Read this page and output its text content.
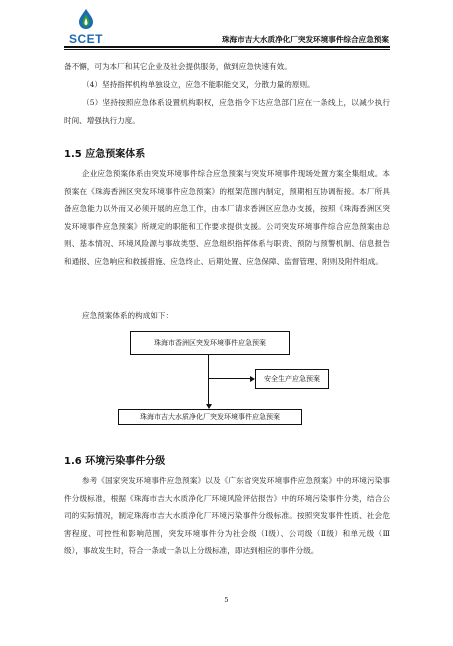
SCET	珠海市吉大水质净化厂突发环境事件综合应急预案
备不懈，可为本厂和其它企业及社会提供服务，做到应急快速有效。
（4）坚持指挥机构单独设立，应急不能职能交叉，分散力量的原则。
（5）坚持按照应急体系设置机构职权，应急指令下达应急部门应在一条线上，以减少执行时间、增强执行力度。
1.5 应急预案体系
企业应急预案体系由突发环境事件综合应急预案与突发环境事件现场处置方案全集组成。本预案在《珠海香洲区突发环境事件应急预案》的框架范围内制定，预期相互协调衔接。本厂所具备应急能力以外而又必须开展的应急工作，由本厂请求香洲区应急办支援，按照《珠海香洲区突发环境事件应急预案》所规定的职能和工作要求提供支援。公司突发环境事件综合应急预案由总则、基本情况、环境风险源与事故类型、应急组织指挥体系与职责、预防与预警机制、信息报告和通报、应急响应和救援措施、应急终止、后期处置、应急保障、监督管理、附则及附件组成。
应急预案体系的构成如下：
珠海市香洲区突发环境事件应急预案
安全生产应急预案
珠海市吉大水质净化厂突发环境事件应急预案
1.6 环境污染事件分级
参考《国家突发环境事件应急预案》以及《广东省突发环境事件应急预案》中的环境污染事件分级标准，根据《珠海市吉大水质净化厂环境风险评估报告》中的环境污染事件分类，结合公司的实际情况，制定珠海市吉大水质净化厂环境污染事件分级标准。按照突发事件性质、社会危害程度、可控性和影响范围，突发环境事件分为社会级（Ⅰ级）、公司级（Ⅱ级）和单元级（Ⅲ级），事故发生时，符合一条或一条以上分级标准，即达到相应的事件分级。
5
